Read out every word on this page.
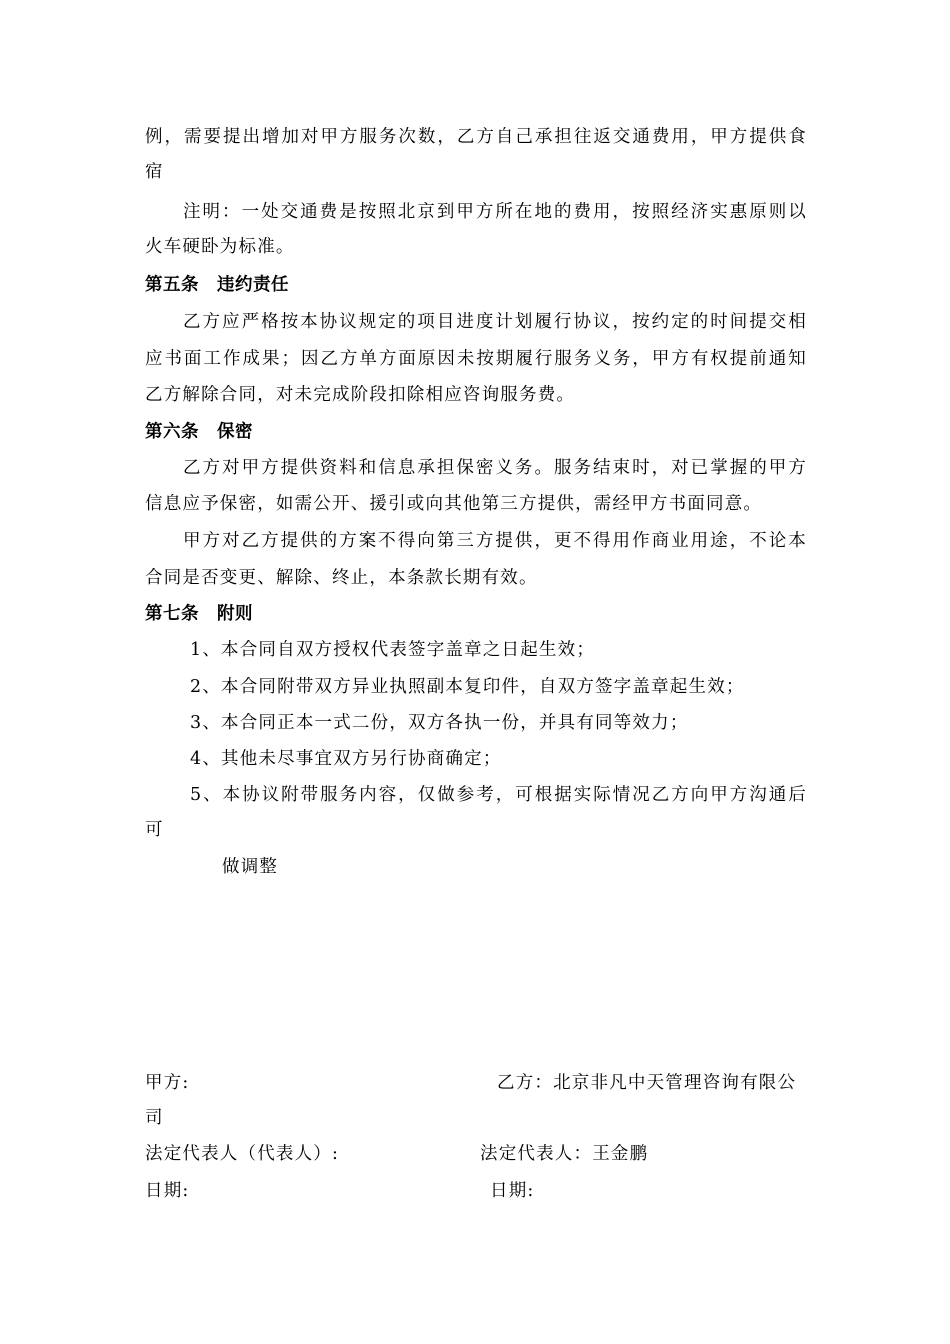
例，需要提出增加对甲方服务次数，乙方自己承担往返交通费用，甲方提供食
宿
注明：一处交通费是按照北京到甲方所在地的费用，按照经济实惠原则以
火车硬卧为标准。
第五条 违约责任
乙方应严格按本协议规定的项目进度计划履行协议，按约定的时间提交相
应书面工作成果；因乙方单方面原因未按期履行服务义务，甲方有权提前通知
乙方解除合同，对未完成阶段扣除相应咨询服务费。
第六条 保密
乙方对甲方提供资料和信息承担保密义务。服务结束时，对已掌握的甲方
信息应予保密，如需公开、援引或向其他第三方提供，需经甲方书面同意。
甲方对乙方提供的方案不得向第三方提供，更不得用作商业用途，不论本
合同是否变更、解除、终止，本条款长期有效。
第七条 附则
1、本合同自双方授权代表签字盖章之日起生效；
2、本合同附带双方异业执照副本复印件，自双方签字盖章起生效；
3、本合同正本一式二份，双方各执一份，并具有同等效力；
4、其他未尽事宜双方另行协商确定；
5、本协议附带服务内容，仅做参考，可根据实际情况乙方向甲方沟通后
可
做调整
甲方:	乙方：北京非凡中天管理咨询有限公
司
法定代表人（代表人）:	法定代表人：王金鹏
日期:	日期:
